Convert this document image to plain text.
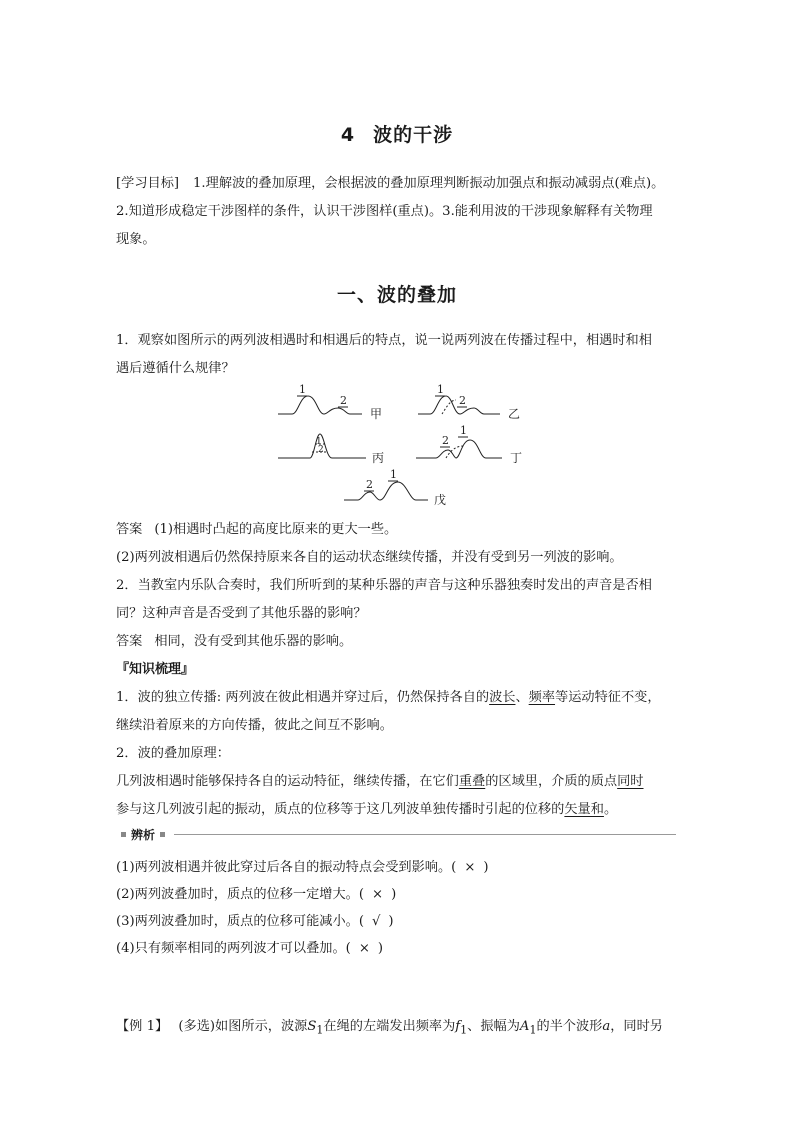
4 波的干涉
[学习目标] 1.理解波的叠加原理，会根据波的叠加原理判断振动加强点和振动减弱点(难点)。
2.知道形成稳定干涉图样的条件，认识干涉图样(重点)。3.能利用波的干涉现象解释有关物理
现象。
一、波的叠加
1．观察如图所示的两列波相遇时和相遇后的特点，说一说两列波在传播过程中，相遇时和相
遇后遵循什么规律？
1
2
甲
1
2
乙
1
2
丙
2
1
丁
2
1
戊
答案 (1)相遇时凸起的高度比原来的更大一些。
(2)两列波相遇后仍然保持原来各自的运动状态继续传播，并没有受到另一列波的影响。
2．当教室内乐队合奏时，我们所听到的某种乐器的声音与这种乐器独奏时发出的声音是否相
同？这种声音是否受到了其他乐器的影响？
答案 相同，没有受到其他乐器的影响。
『知识梳理』
1．波的独立传播: 两列波在彼此相遇并穿过后，仍然保持各自的波长、频率等运动特征不变，
继续沿着原来的方向传播，彼此之间互不影响。
2．波的叠加原理：
几列波相遇时能够保持各自的运动特征，继续传播，在它们重叠的区域里，介质的质点同时
参与这几列波引起的振动，质点的位移等于这几列波单独传播时引起的位移的矢量和。
辨析
(1)两列波相遇并彼此穿过后各自的振动特点会受到影响。( × )
(2)两列波叠加时，质点的位移一定增大。( × )
(3)两列波叠加时，质点的位移可能减小。( √ )
(4)只有频率相同的两列波才可以叠加。( × )
【例 1】 (多选)如图所示，波源$S_1$在绳的左端发出频率为$f_1$、振幅为$A_1$的半个波形a，同时另
